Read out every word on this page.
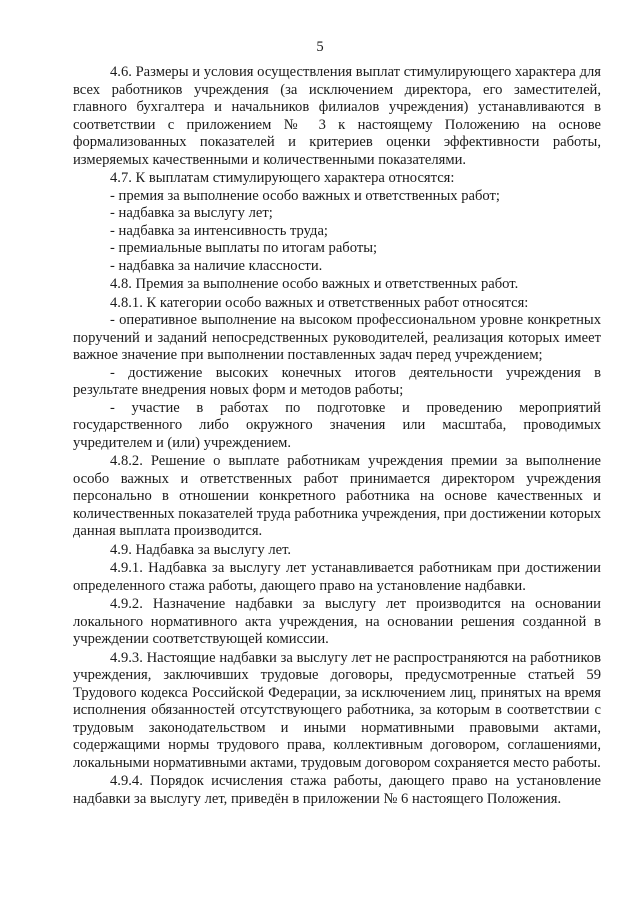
5

4.6. Размеры и условия осуществления выплат стимулирующего характера для всех работников учреждения (за исключением директора, его заместителей, главного бухгалтера и начальников филиалов учреждения) устанавливаются в соответствии с приложением № 3 к настоящему Положению на основе формализованных показателей и критериев оценки эффективности работы, измеряемых качественными и количественными показателями.

4.7. К выплатам стимулирующего характера относятся:

- премия за выполнение особо важных и ответственных работ;

- надбавка за выслугу лет;

- надбавка за интенсивность труда;

- премиальные выплаты по итогам работы;

- надбавка за наличие классности.

4.8. Премия за выполнение особо важных и ответственных работ.

4.8.1. К категории особо важных и ответственных работ относятся:

- оперативное выполнение на высоком профессиональном уровне конкретных поручений и заданий непосредственных руководителей, реализация которых имеет важное значение при выполнении поставленных задач перед учреждением;

- достижение высоких конечных итогов деятельности учреждения в результате внедрения новых форм и методов работы;

- участие в работах по подготовке и проведению мероприятий государственного либо окружного значения или масштаба, проводимых учредителем и (или) учреждением.

4.8.2. Решение о выплате работникам учреждения премии за выполнение особо важных и ответственных работ принимается директором учреждения персонально в отношении конкретного работника на основе качественных и количественных показателей труда работника учреждения, при достижении которых данная выплата производится.

4.9. Надбавка за выслугу лет.

4.9.1. Надбавка за выслугу лет устанавливается работникам при достижении определенного стажа работы, дающего право на установление надбавки.

4.9.2. Назначение надбавки за выслугу лет производится на основании локального нормативного акта учреждения, на основании решения созданной в учреждении соответствующей комиссии.

4.9.3. Настоящие надбавки за выслугу лет не распространяются на работников учреждения, заключивших трудовые договоры, предусмотренные статьей 59 Трудового кодекса Российской Федерации, за исключением лиц, принятых на время исполнения обязанностей отсутствующего работника, за которым в соответствии с трудовым законодательством и иными нормативными правовыми актами, содержащими нормы трудового права, коллективным договором, соглашениями, локальными нормативными актами, трудовым договором сохраняется место работы.

4.9.4. Порядок исчисления стажа работы, дающего право на установление надбавки за выслугу лет, приведён в приложении № 6 настоящего Положения.
